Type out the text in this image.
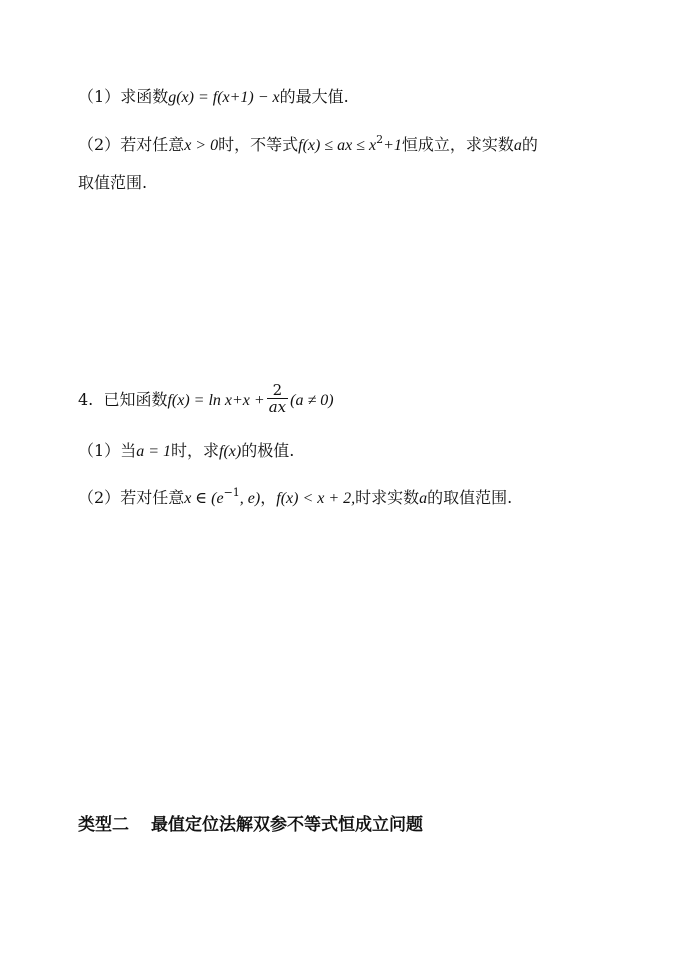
（1）求函数g(x) = f(x+1) − x的最大值.
（2）若对任意x > 0时，不等式f(x) ≤ ax ≤ $x^2+1$恒成立，求实数a的
取值范围.
4. 已知函数$f(x) = \ln x+x + \frac{2}{ax} (a \ne 0)$
（1）当a = 1时，求f(x)的极值.
（2）若对任意x ∈ ($e^{-1}$, e)，f(x) < x + 2,时求实数a的取值范围.
类型二 最值定位法解双参不等式恒成立问题
